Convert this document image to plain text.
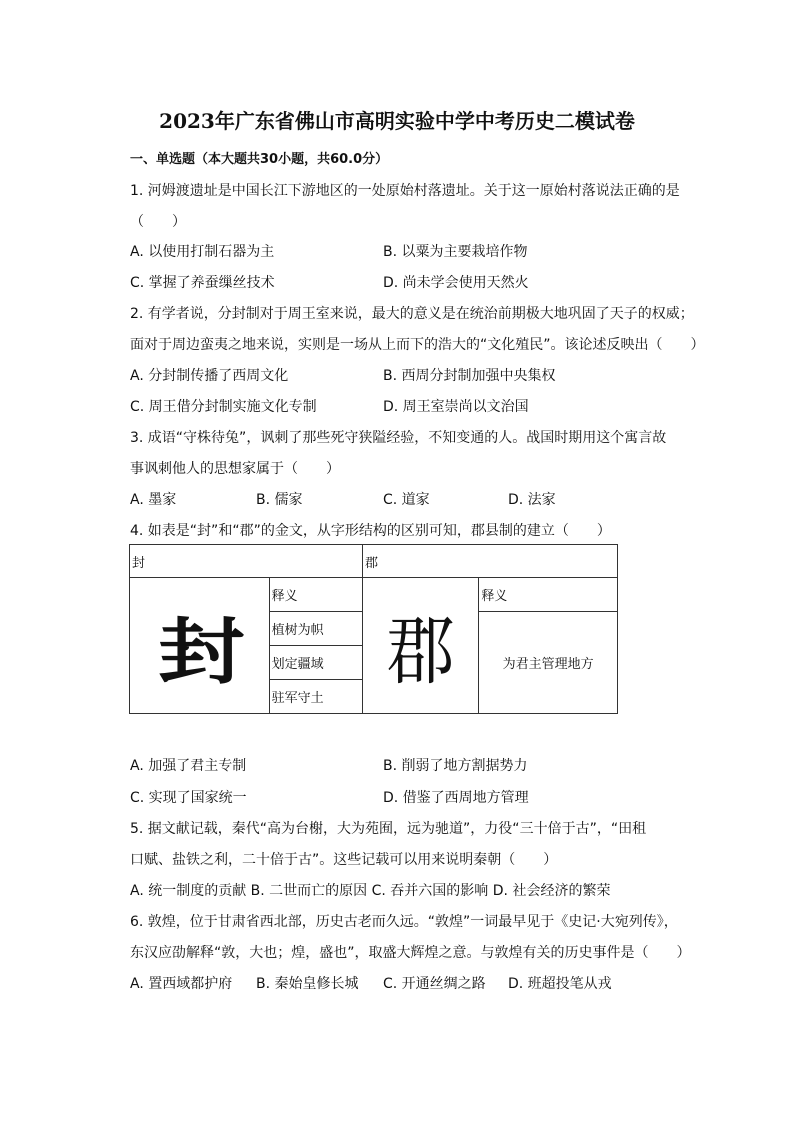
2023年广东省佛山市高明实验中学中考历史二模试卷
一、单选题（本大题共30小题，共60.0分）
1. 河姆渡遗址是中国长江下游地区的一处原始村落遗址。关于这一原始村落说法正确的是
（　　）
A. 以使用打制石器为主	B. 以粟为主要栽培作物
C. 掌握了养蚕缫丝技术	D. 尚未学会使用天然火
2. 有学者说，分封制对于周王室来说，最大的意义是在统治前期极大地巩固了天子的权威；
面对于周边蛮夷之地来说，实则是一场从上而下的浩大的“文化殖民”。该论述反映出（　　）
A. 分封制传播了西周文化	B. 西周分封制加强中央集权
C. 周王借分封制实施文化专制	D. 周王室崇尚以文治国
3. 成语“守株待兔”，讽刺了那些死守狭隘经验，不知变通的人。战国时期用这个寓言故
事讽刺他人的思想家属于（　　）
A. 墨家	B. 儒家	C. 道家	D. 法家
4. 如表是“封”和“郡”的金文，从字形结构的区别可知，郡县制的建立（　　）
封		郡	
封	释义	郡	释义
	植树为帜		为君主管理地方
	划定疆域		
	驻军守土		
A. 加强了君主专制	B. 削弱了地方割据势力
C. 实现了国家统一	D. 借鉴了西周地方管理
5. 据文献记载，秦代“高为台榭，大为苑囿，远为驰道”，力役“三十倍于古”，“田租
口赋、盐铁之利，二十倍于古”。这些记载可以用来说明秦朝（　　）
A. 统一制度的贡献 B. 二世而亡的原因 C. 吞并六国的影响 D. 社会经济的繁荣
6. 敦煌，位于甘肃省西北部，历史古老而久远。“敦煌”一词最早见于《史记·大宛列传》，
东汉应劭解释“敦，大也；煌，盛也”，取盛大辉煌之意。与敦煌有关的历史事件是（　　）
A. 置西域都护府 B. 秦始皇修长城 C. 开通丝绸之路 D. 班超投笔从戎
